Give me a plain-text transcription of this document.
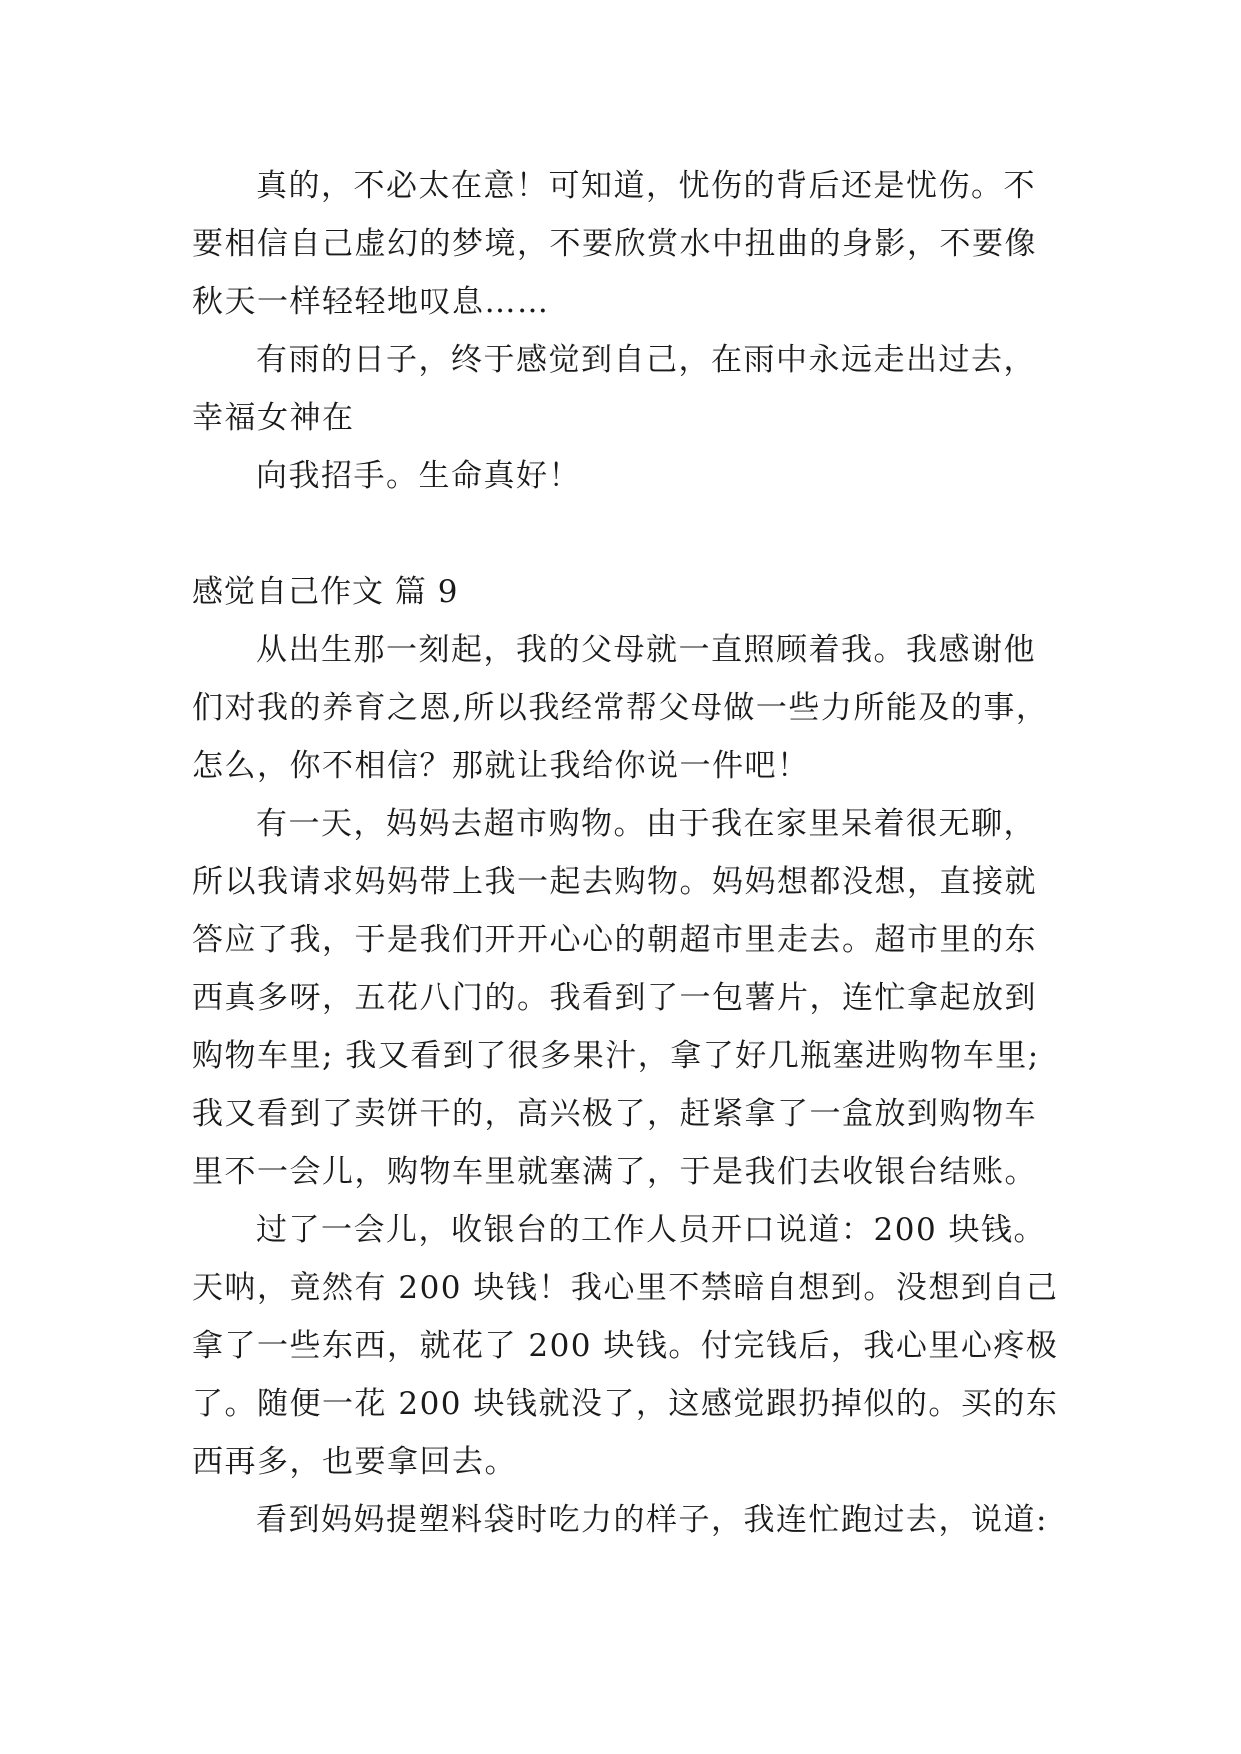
真的，不必太在意！可知道，忧伤的背后还是忧伤。不
要相信自己虚幻的梦境，不要欣赏水中扭曲的身影，不要像
秋天一样轻轻地叹息……
有雨的日子，终于感觉到自己，在雨中永远走出过去，
幸福女神在
向我招手。生命真好！
感觉自己作文 篇 9
从出生那一刻起，我的父母就一直照顾着我。我感谢他
们对我的养育之恩,所以我经常帮父母做一些力所能及的事，
怎么，你不相信？那就让我给你说一件吧！
有一天，妈妈去超市购物。由于我在家里呆着很无聊，
所以我请求妈妈带上我一起去购物。妈妈想都没想，直接就
答应了我，于是我们开开心心的朝超市里走去。超市里的东
西真多呀，五花八门的。我看到了一包薯片，连忙拿起放到
购物车里; 我又看到了很多果汁，拿了好几瓶塞进购物车里;
我又看到了卖饼干的，高兴极了，赶紧拿了一盒放到购物车
里不一会儿，购物车里就塞满了，于是我们去收银台结账。
过了一会儿，收银台的工作人员开口说道：200 块钱。
天呐，竟然有 200 块钱！我心里不禁暗自想到。没想到自己
拿了一些东西，就花了 200 块钱。付完钱后，我心里心疼极
了。随便一花 200 块钱就没了，这感觉跟扔掉似的。买的东
西再多，也要拿回去。
看到妈妈提塑料袋时吃力的样子，我连忙跑过去，说道:
